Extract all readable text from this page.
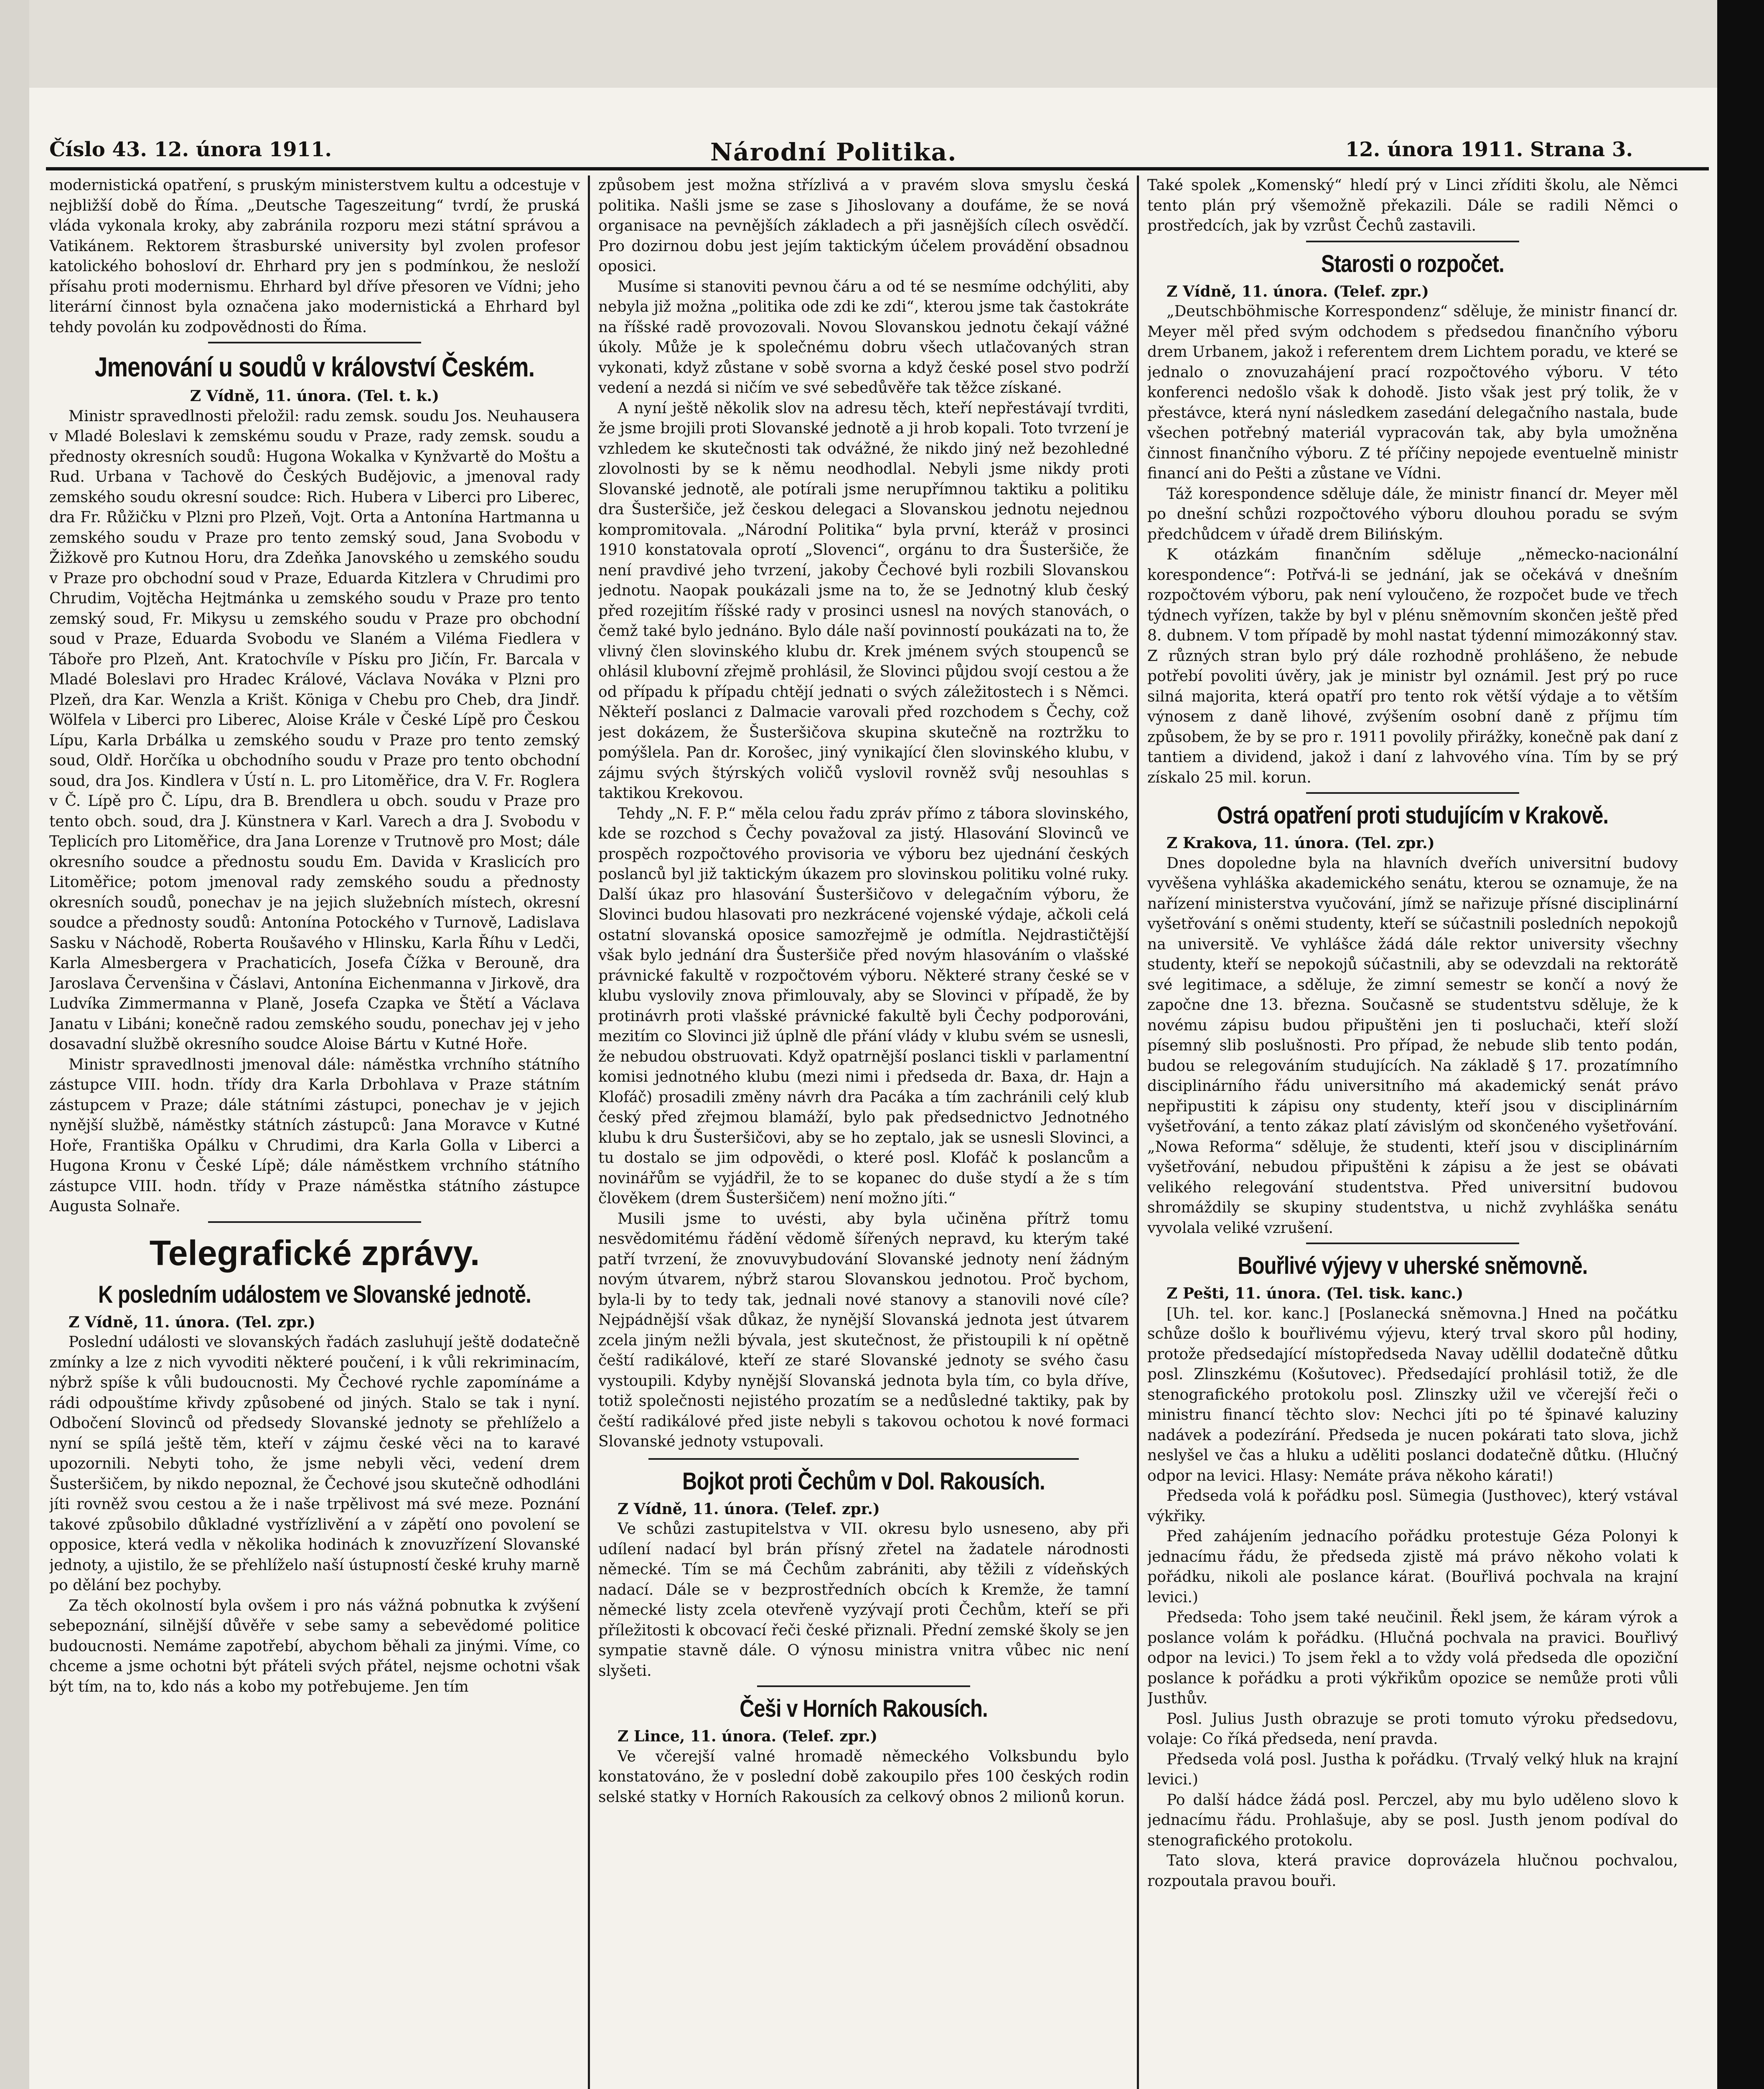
Číslo 43. 12. února 1911.	Národní Politika.	12. února 1911. Strana 3.

modernistická opatření, s pruským ministerstvem kultu a odcestuje v nejbližší době do Říma. „Deutsche Tageszeitung“ tvrdí, že pruská vláda vykonala kroky, aby zabránila rozporu mezi státní správou a Vatikánem. Rektorem štrasburské university byl zvolen profesor katolického bohosloví dr. Ehrhard pry jen s podmínkou, že nesloží přísahu proti modernismu. Ehrhard byl dříve přesoren ve Vídni; jeho literární činnost byla označena jako modernistická a Ehrhard byl tehdy povolán ku zodpovědnosti do Říma.

Jmenování u soudů v království Českém.

Z Vídně, 11. února. (Tel. t. k.)

Ministr spravedlnosti přeložil: radu zemsk. soudu Jos. Neuhausera v Mladé Boleslavi k zemskému soudu v Praze, rady zemsk. soudu a přednosty okresních soudů: Hugona Wokalka v Kynžvartě do Moštu a Rud. Urbana v Tachově do Českých Budějovic, a jmenoval rady zemského soudu okresní soudce: Rich. Hubera v Liberci pro Liberec, dra Fr. Růžičku v Plzni pro Plzeň, Vojt. Orta a Antonína Hartmanna u zemského soudu v Praze pro tento zemský soud, Jana Svobodu v Žižkově pro Kutnou Horu, dra Zdeňka Janovského u zemského soudu v Praze pro obchodní soud v Praze, Eduarda Kitzlera v Chrudimi pro Chrudim, Vojtěcha Hejtmánka u zemského soudu v Praze pro tento zemský soud, Fr. Mikysu u zemského soudu v Praze pro obchodní soud v Praze, Eduarda Svobodu ve Slaném a Viléma Fiedlera v Táboře pro Plzeň, Ant. Kratochvíle v Písku pro Jičín, Fr. Barcala v Mladé Boleslavi pro Hradec Králové, Václava Nováka v Plzni pro Plzeň, dra Kar. Wenzla a Krišt. Königa v Chebu pro Cheb, dra Jindř. Wölfela v Liberci pro Liberec, Aloise Krále v České Lípě pro Českou Lípu, Karla Drbálka u zemského soudu v Praze pro tento zemský soud, Oldř. Horčíka u obchodního soudu v Praze pro tento obchodní soud, dra Jos. Kindlera v Ústí n. L. pro Litoměřice, dra V. Fr. Roglera v Č. Lípě pro Č. Lípu, dra B. Brendlera u obch. soudu v Praze pro tento obch. soud, dra J. Künstnera v Karl. Varech a dra J. Svobodu v Teplicích pro Litoměřice, dra Jana Lorenze v Trutnově pro Most; dále okresního soudce a přednostu soudu Em. Davida v Kraslicích pro Litoměřice; potom jmenoval rady zemského soudu a přednosty okresních soudů, ponechav je na jejich služebních místech, okresní soudce a přednosty soudů: Antonína Potockého v Turnově, Ladislava Sasku v Náchodě, Roberta Roušavého v Hlinsku, Karla Říhu v Ledči, Karla Almesbergera v Prachaticích, Josefa Čížka v Berouně, dra Jaroslava Červenšina v Čáslavi, Antonína Eichenmanna v Jirkově, dra Ludvíka Zimmermanna v Planě, Josefa Czapka ve Štětí a Václava Janatu v Libáni; konečně radou zemského soudu, ponechav jej v jeho dosavadní službě okresního soudce Aloise Bártu v Kutné Hoře.

Ministr spravedlnosti jmenoval dále: náměstka vrchního státního zástupce VIII. hodn. třídy dra Karla Drbohlava v Praze státním zástupcem v Praze; dále státními zástupci, ponechav je v jejich nynější službě, náměstky státních zástupců: Jana Moravce v Kutné Hoře, Františka Opálku v Chrudimi, dra Karla Golla v Liberci a Hugona Kronu v České Lípě; dále náměstkem vrchního státního zástupce VIII. hodn. třídy v Praze náměstka státního zástupce Augusta Solnaře.

Telegrafické zprávy.
K posledním událostem ve Slovanské jednotě.

Z Vídně, 11. února. (Tel. zpr.)

Poslední události ve slovanských řadách zasluhují ještě dodatečně zmínky a lze z nich vyvoditi některé poučení, i k vůli rekriminacím, nýbrž spíše k vůli budoucnosti. My Čechové rychle zapomínáme a rádi odpouštíme křivdy způsobené od jiných. Stalo se tak i nyní. Odbočení Slovinců od předsedy Slovanské jednoty se přehlíželo a nyní se spílá ještě těm, kteří v zájmu české věci na to karavé upozornili. Nebyti toho, že jsme nebyli věci, vedení drem Šusteršičem, by nikdo nepoznal, že Čechové jsou skutečně odhodláni jíti rovněž svou cestou a že i naše trpělivost má své meze. Poznání takové způsobilo důkladné vystřízlivění a v zápětí ono povolení se opposice, která vedla v několika hodinách k znovuzřízení Slovanské jednoty, a ujistilo, že se přehlíželo naší ústupností české kruhy marně po dělání bez pochyby.

Za těch okolností byla ovšem i pro nás vážná pobnutka k zvýšení sebepoznání, silnější důvěře v sebe samy a sebevědomé politice budoucnosti. Nemáme zapotřebí, abychom běhali za jinými. Víme, co chceme a jsme ochotni být přáteli svých přátel, nejsme ochotni však být tím, na to, kdo nás a kobo my potřebujeme. Jen tím

způsobem jest možna střízlivá a v pravém slova smyslu česká politika. Našli jsme se zase s Jihoslovany a doufáme, že se nová organisace na pevnějších základech a při jasnějších cílech osvědčí. Pro dozirnou dobu jest jejím taktickým účelem provádění obsadnou oposici.

Musíme si stanoviti pevnou čáru a od té se nesmíme odchýliti, aby nebyla již možna „politika ode zdi ke zdi“, kterou jsme tak častokráte na říšské radě provozovali. Novou Slovanskou jednotu čekají vážné úkoly. Může je k společnému dobru všech utlačovaných stran vykonati, když zůstane v sobě svorna a když české posel stvo podrží vedení a nezdá si ničím ve své sebedůvěře tak těžce získané.

A nyní ještě několik slov na adresu těch, kteří nepřestávají tvrditi, že jsme brojili proti Slovanské jednotě a ji hrob kopali. Toto tvrzení je vzhledem ke skutečnosti tak odvážné, že nikdo jiný než bezohledné zlovolnosti by se k němu neodhodlal. Nebyli jsme nikdy proti Slovanské jednotě, ale potírali jsme nerupřímnou taktiku a politiku dra Šusteršiče, jež českou delegaci a Slovanskou jednotu nejednou kompromitovala. „Národní Politika“ byla první, kteráž v prosinci 1910 konstatovala oprotí „Slovenci“, orgánu to dra Šusteršiče, že není pravdivé jeho tvrzení, jakoby Čechové byli rozbili Slovanskou jednotu. Naopak poukázali jsme na to, že se Jednotný klub český před rozejitím říšské rady v prosinci usnesl na nových stanovách, o čemž také bylo jednáno. Bylo dále naší povinností poukázati na to, že vlivný člen slovinského klubu dr. Krek jménem svých stoupenců se ohlásil klubovní zřejmě prohlásil, že Slovinci půjdou svojí cestou a že od případu k případu chtějí jednati o svých záležitostech i s Němci. Někteří poslanci z Dalmacie varovali před rozchodem s Čechy, což jest dokázem, že Šusteršičova skupina skutečně na roztržku to pomýšlela. Pan dr. Korošec, jiný vynikající člen slovinského klubu, v zájmu svých štýrských voličů vyslovil rovněž svůj nesouhlas s taktikou Krekovou.

Tehdy „N. F. P.“ měla celou řadu zpráv přímo z tábora slovinského, kde se rozchod s Čechy považoval za jistý. Hlasování Slovinců ve prospěch rozpočtového provisoria ve výboru bez ujednání českých poslanců byl již taktickým úkazem pro slovinskou politiku volné ruky. Další úkaz pro hlasování Šusteršičovo v delegačním výboru, že Slovinci budou hlasovati pro nezkrácené vojenské výdaje, ačkoli celá ostatní slovanská oposice samozřejmě je odmítla. Nejdrastičtější však bylo jednání dra Šusteršiče před novým hlasováním o vlašské právnické fakultě v rozpočtovém výboru. Některé strany české se v klubu vyslovily znova přimlouvaly, aby se Slovinci v případě, že by protinávrh proti vlašské právnické fakultě byli Čechy podporováni, mezitím co Slovinci již úplně dle přání vlády v klubu svém se usnesli, že nebudou obstruovati. Když opatrnější poslanci tiskli v parlamentní komisi jednotného klubu (mezi nimi i předseda dr. Baxa, dr. Hajn a Klofáč) prosadili změny návrh dra Pacáka a tím zachránili celý klub český před zřejmou blamáží, bylo pak předsednictvo Jednotného klubu k dru Šusteršičovi, aby se ho zeptalo, jak se usnesli Slovinci, a tu dostalo se jim odpovědi, o které posl. Klofáč k poslancům a novinářům se vyjádřil, že to se kopanec do duše stydí a že s tím člověkem (drem Šusteršičem) není možno jíti.“

Musili jsme to uvésti, aby byla učiněna přítrž tomu nesvědomitému řádění vědomě šířených nepravd, ku kterým také patří tvrzení, že znovuvybudování Slovanské jednoty není žádným novým útvarem, nýbrž starou Slovanskou jednotou. Proč bychom, byla-li by to tedy tak, jednali nové stanovy a stanovili nové cíle? Nejpádnější však důkaz, že nynější Slovanská jednota jest útvarem zcela jiným nežli bývala, jest skutečnost, že přistoupili k ní opětně čeští radikálové, kteří ze staré Slovanské jednoty se svého času vystoupili. Kdyby nynější Slovanská jednota byla tím, co byla dříve, totiž společnosti nejistého prozatím se a nedůsledné taktiky, pak by čeští radikálové před jiste nebyli s takovou ochotou k nové formaci Slovanské jednoty vstupovali.

Bojkot proti Čechům v Dol. Rakousích.

Z Vídně, 11. února. (Telef. zpr.)

Ve schůzi zastupitelstva v VII. okresu bylo usneseno, aby při udílení nadací byl brán přísný zřetel na žadatele národnosti německé. Tím se má Čechům zabrániti, aby těžili z vídeňských nadací. Dále se v bezprostředních obcích k Kremže, že tamní německé listy zcela otevřeně vyzývají proti Čechům, kteří se při příležitosti k obcovací řeči české přiznali. Přední zemské školy se jen sympatie stavně dále. O výnosu ministra vnitra vůbec nic není slyšeti.

Češi v Horních Rakousích.

Z Lince, 11. února. (Telef. zpr.)

Ve včerejší valné hromadě německého Volksbundu bylo konstatováno, že v poslední době zakoupilo přes 100 českých rodin selské statky v Horních Rakousích za celkový obnos 2 milionů korun.

Také spolek „Komenský“ hledí prý v Linci zříditi školu, ale Němci tento plán prý všemožně překazili. Dále se radili Němci o prostředcích, jak by vzrůst Čechů zastavili.

Starosti o rozpočet.

Z Vídně, 11. února. (Telef. zpr.)

„Deutschböhmische Korrespondenz“ sděluje, že ministr financí dr. Meyer měl před svým odchodem s předsedou finančního výboru drem Urbanem, jakož i referentem drem Lichtem poradu, ve které se jednalo o znovuzahájení prací rozpočtového výboru. V této konferenci nedošlo však k dohodě. Jisto však jest prý tolik, že v přestávce, která nyní následkem zasedání delegačního nastala, bude všechen potřebný materiál vypracován tak, aby byla umožněna činnost finančního výboru. Z té příčiny nepojede eventuelně ministr financí ani do Pešti a zůstane ve Vídni.

Táž korespondence sděluje dále, že ministr financí dr. Meyer měl po dnešní schůzi rozpočtového výboru dlouhou poradu se svým předchůdcem v úřadě drem Bilińským.

K otázkám finančním sděluje „německo-nacionální korespondence“: Potřvá-li se jednání, jak se očekává v dnešním rozpočtovém výboru, pak není vyloučeno, že rozpočet bude ve třech týdnech vyřízen, takže by byl v plénu sněmovním skončen ještě před 8. dubnem. V tom případě by mohl nastat týdenní mimozákonný stav. Z různých stran bylo prý dále rozhodně prohlášeno, že nebude potřebí povoliti úvěry, jak je ministr byl oznámil. Jest prý po ruce silná majorita, která opatří pro tento rok větší výdaje a to větším výnosem z daně lihové, zvýšením osobní daně z příjmu tím způsobem, že by se pro r. 1911 povolily přirážky, konečně pak daní z tantiem a dividend, jakož i daní z lahvového vína. Tím by se prý získalo 25 mil. korun.

Ostrá opatření proti studujícím v Krakově.

Z Krakova, 11. února. (Tel. zpr.)

Dnes dopoledne byla na hlavních dveřích universitní budovy vyvěšena vyhláška akademického senátu, kterou se oznamuje, že na nařízení ministerstva vyučování, jímž se nařizuje přísné disciplinární vyšetřování s oněmi studenty, kteří se súčastnili posledních nepokojů na universitě. Ve vyhlášce žádá dále rektor university všechny studenty, kteří se nepokojů súčastnili, aby se odevzdali na rektorátě své legitimace, a sděluje, že zimní semestr se končí a nový že započne dne 13. března. Současně se studentstvu sděluje, že k novému zápisu budou připuštěni jen ti posluchači, kteří složí písemný slib poslušnosti. Pro případ, že nebude slib tento podán, budou se relegováním studujících. Na základě § 17. prozatímního disciplinárního řádu universitního má akademický senát právo nepřipustiti k zápisu ony studenty, kteří jsou v disciplinárním vyšetřování, a tento zákaz platí závislým od skončeného vyšetřování. „Nowa Reforma“ sděluje, že studenti, kteří jsou v disciplinárním vyšetřování, nebudou připuštěni k zápisu a že jest se obávati velikého relegování studentstva. Před universitní budovou shromáždily se skupiny studentstva, u nichž zvyhláška senátu vyvolala veliké vzrušení.

Bouřlivé výjevy v uherské sněmovně.

Z Pešti, 11. února. (Tel. tisk. kanc.)

[Uh. tel. kor. kanc.] [Poslanecká sněmovna.] Hned na počátku schůze došlo k bouřlivému výjevu, který trval skoro půl hodiny, protože předsedající místopředseda Navay uděllil dodatečně důtku posl. Zlinszkému (Košutovec). Předsedající prohlásil totiž, že dle stenografického protokolu posl. Zlinszky užil ve včerejší řeči o ministru financí těchto slov: Nechci jíti po té špinavé kaluziny nadávek a podezírání. Předseda je nucen pokárati tato slova, jichž neslyšel ve čas a hluku a uděliti poslanci dodatečně důtku. (Hlučný odpor na levici. Hlasy: Nemáte práva někoho kárati!)

Předseda volá k pořádku posl. Sümegia (Justhovec), který vstával výkřiky.

Před zahájením jednacího pořádku protestuje Géza Polonyi k jednacímu řádu, že předseda zjistě má právo někoho volati k pořádku, nikoli ale poslance kárat. (Bouřlivá pochvala na krajní levici.)

Předseda: Toho jsem také neučinil. Řekl jsem, že káram výrok a poslance volám k pořádku. (Hlučná pochvala na pravici. Bouřlivý odpor na levici.) To jsem řekl a to vždy volá předseda dle opoziční poslance k pořádku a proti výkřikům opozice se nemůže proti vůli Justhův.

Posl. Julius Justh obrazuje se proti tomuto výroku předsedovu, volaje: Co říká předseda, není pravda.

Předseda volá posl. Justha k pořádku. (Trvalý velký hluk na krajní levici.)

Po další hádce žádá posl. Perczel, aby mu bylo uděleno slovo k jednacímu řádu. Prohlašuje, aby se posl. Justh jenom podíval do stenografického protokolu.

Tato slova, která pravice doprovázela hlučnou pochvalou, rozpoutala pravou bouři.
